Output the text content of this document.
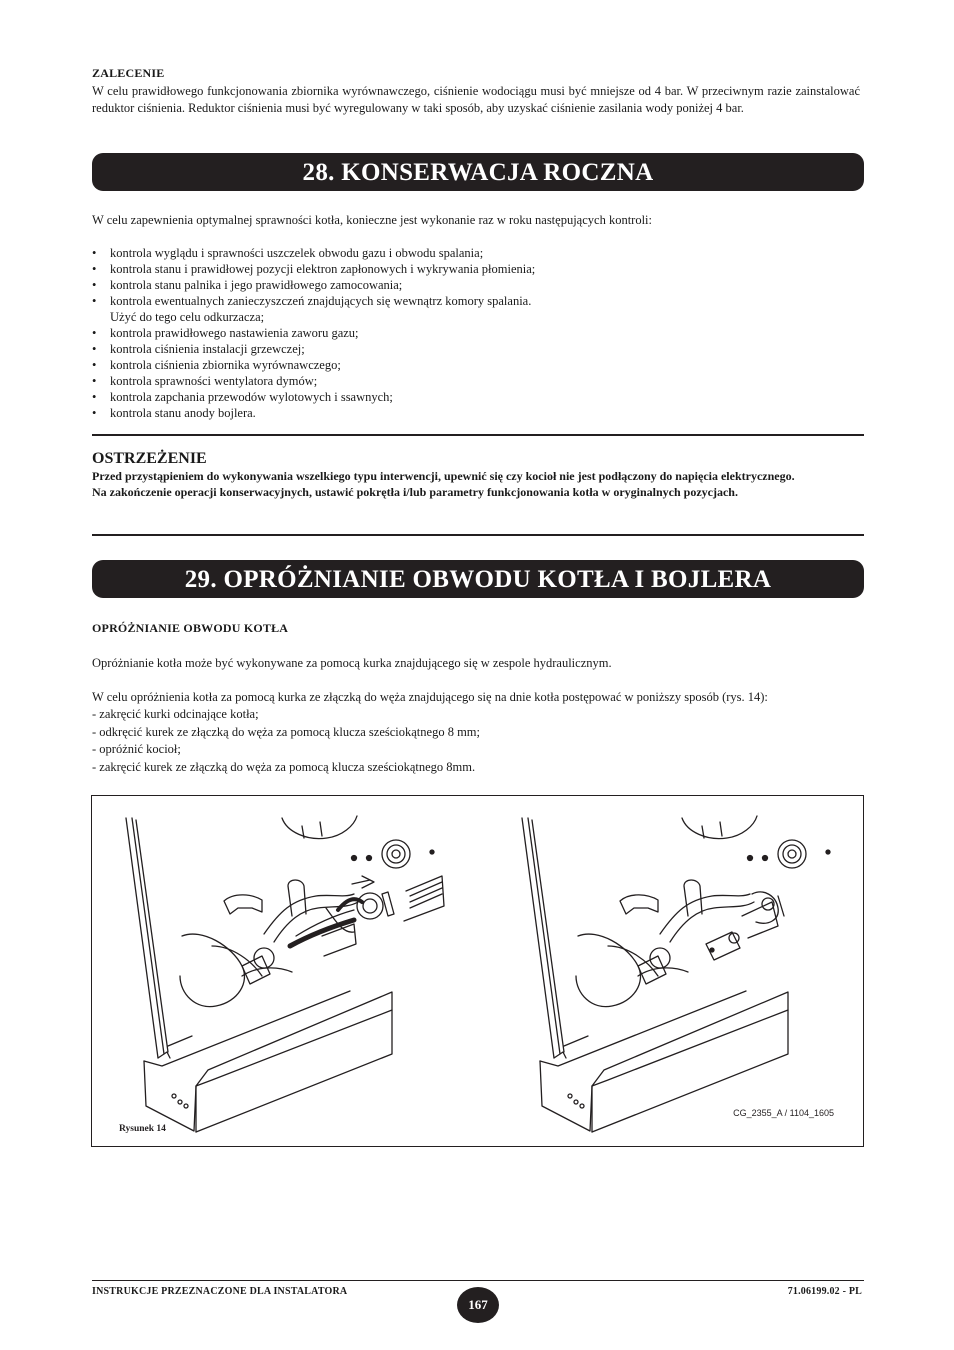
ZALECENIE
W celu prawidłowego funkcjonowania zbiornika wyrównawczego, ciśnienie wodociągu musi być mniejsze od 4 bar. W przeciwnym razie zainstalować reduktor ciśnienia. Reduktor ciśnienia musi być wyregulowany w taki sposób, aby uzyskać ciśnienie zasilania wody poniżej 4 bar.
28. KONSERWACJA ROCZNA
W celu zapewnienia optymalnej sprawności kotła, konieczne jest wykonanie raz w roku następujących kontroli:
• kontrola wyglądu i sprawności uszczelek obwodu gazu i obwodu spalania;
• kontrola stanu i prawidłowej pozycji elektron zapłonowych i wykrywania płomienia;
• kontrola stanu palnika i jego prawidłowego zamocowania;
• kontrola ewentualnych zanieczyszczeń znajdujących się wewnątrz komory spalania.
Użyć do tego celu odkurzacza;
• kontrola prawidłowego nastawienia zaworu gazu;
• kontrola ciśnienia instalacji grzewczej;
• kontrola ciśnienia zbiornika wyrównawczego;
• kontrola sprawności wentylatora dymów;
• kontrola zapchania przewodów wylotowych i ssawnych;
• kontrola stanu anody bojlera.
OSTRZEŻENIE
Przed przystąpieniem do wykonywania wszelkiego typu interwencji, upewnić się czy kocioł nie jest podłączony do napięcia elektrycznego.
Na zakończenie operacji konserwacyjnych, ustawić pokrętła i/lub parametry funkcjonowania kotła w oryginalnych pozycjach.
29. OPRÓŻNIANIE OBWODU KOTŁA I BOJLERA
OPRÓŻNIANIE OBWODU KOTŁA
Opróżnianie kotła może być wykonywane za pomocą kurka znajdującego się w zespole hydraulicznym.
W celu opróżnienia kotła za pomocą kurka ze złączką do węża znajdującego się na dnie kotła postępować w poniższy sposób (rys. 14):
- zakręcić kurki odcinające kotła;
- odkręcić kurek ze złączką do węża za pomocą klucza sześciokątnego 8 mm;
- opróżnić kocioł;
- zakręcić kurek ze złączką do węża za pomocą klucza sześciokątnego 8mm.
Rysunek 14
CG_2355_A / 1104_1605
INSTRUKCJE PRZEZNACZONE DLA INSTALATORA
167
71.06199.02 - PL
